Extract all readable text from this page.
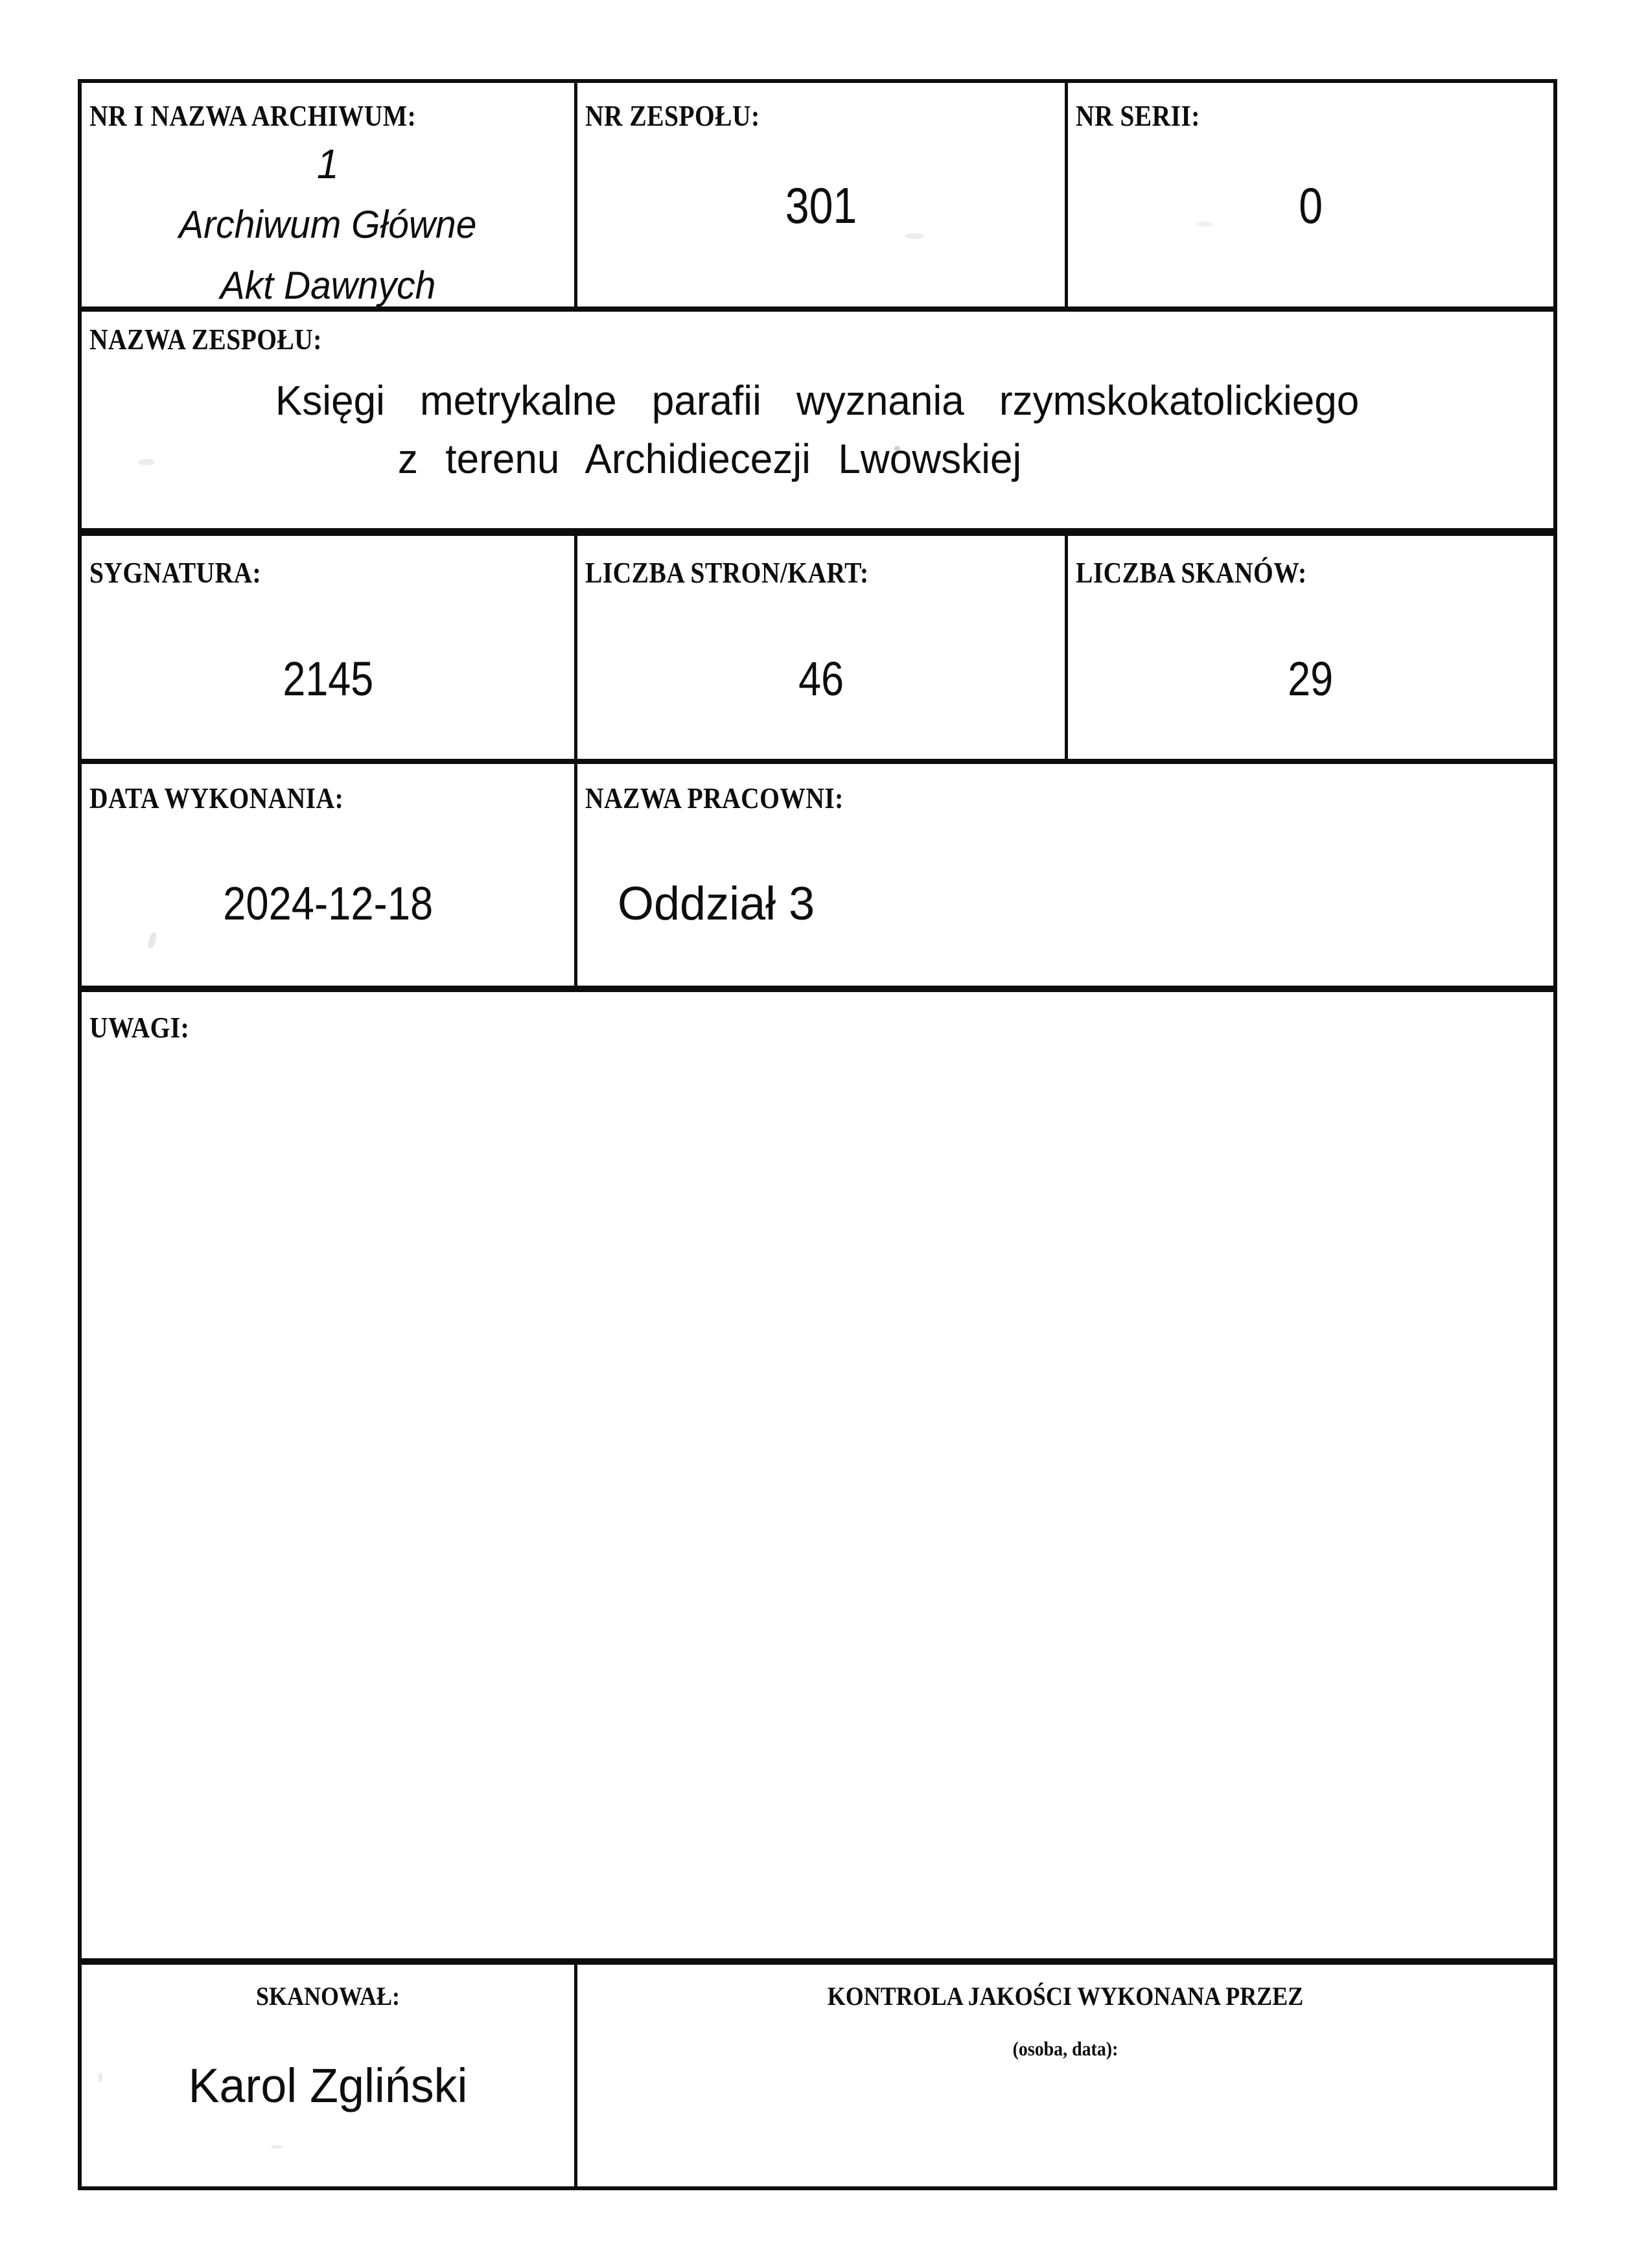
NR I NAZWA ARCHIWUM:
1
Archiwum Główne
Akt Dawnych
NR ZESPOŁU:
301
NR SERII:
0
NAZWA ZESPOŁU:
Księgi metrykalne parafii wyznania rzymskokatolickiego
z terenu Archidiecezji Lwowskiej
SYGNATURA:
2145
LICZBA STRON/KART:
46
LICZBA SKANÓW:
29
DATA WYKONANIA:
2024-12-18
NAZWA PRACOWNI:
Oddział 3
UWAGI:
SKANOWAŁ:
Karol Zgliński
KONTROLA JAKOŚCI WYKONANA PRZEZ
(osoba, data):
